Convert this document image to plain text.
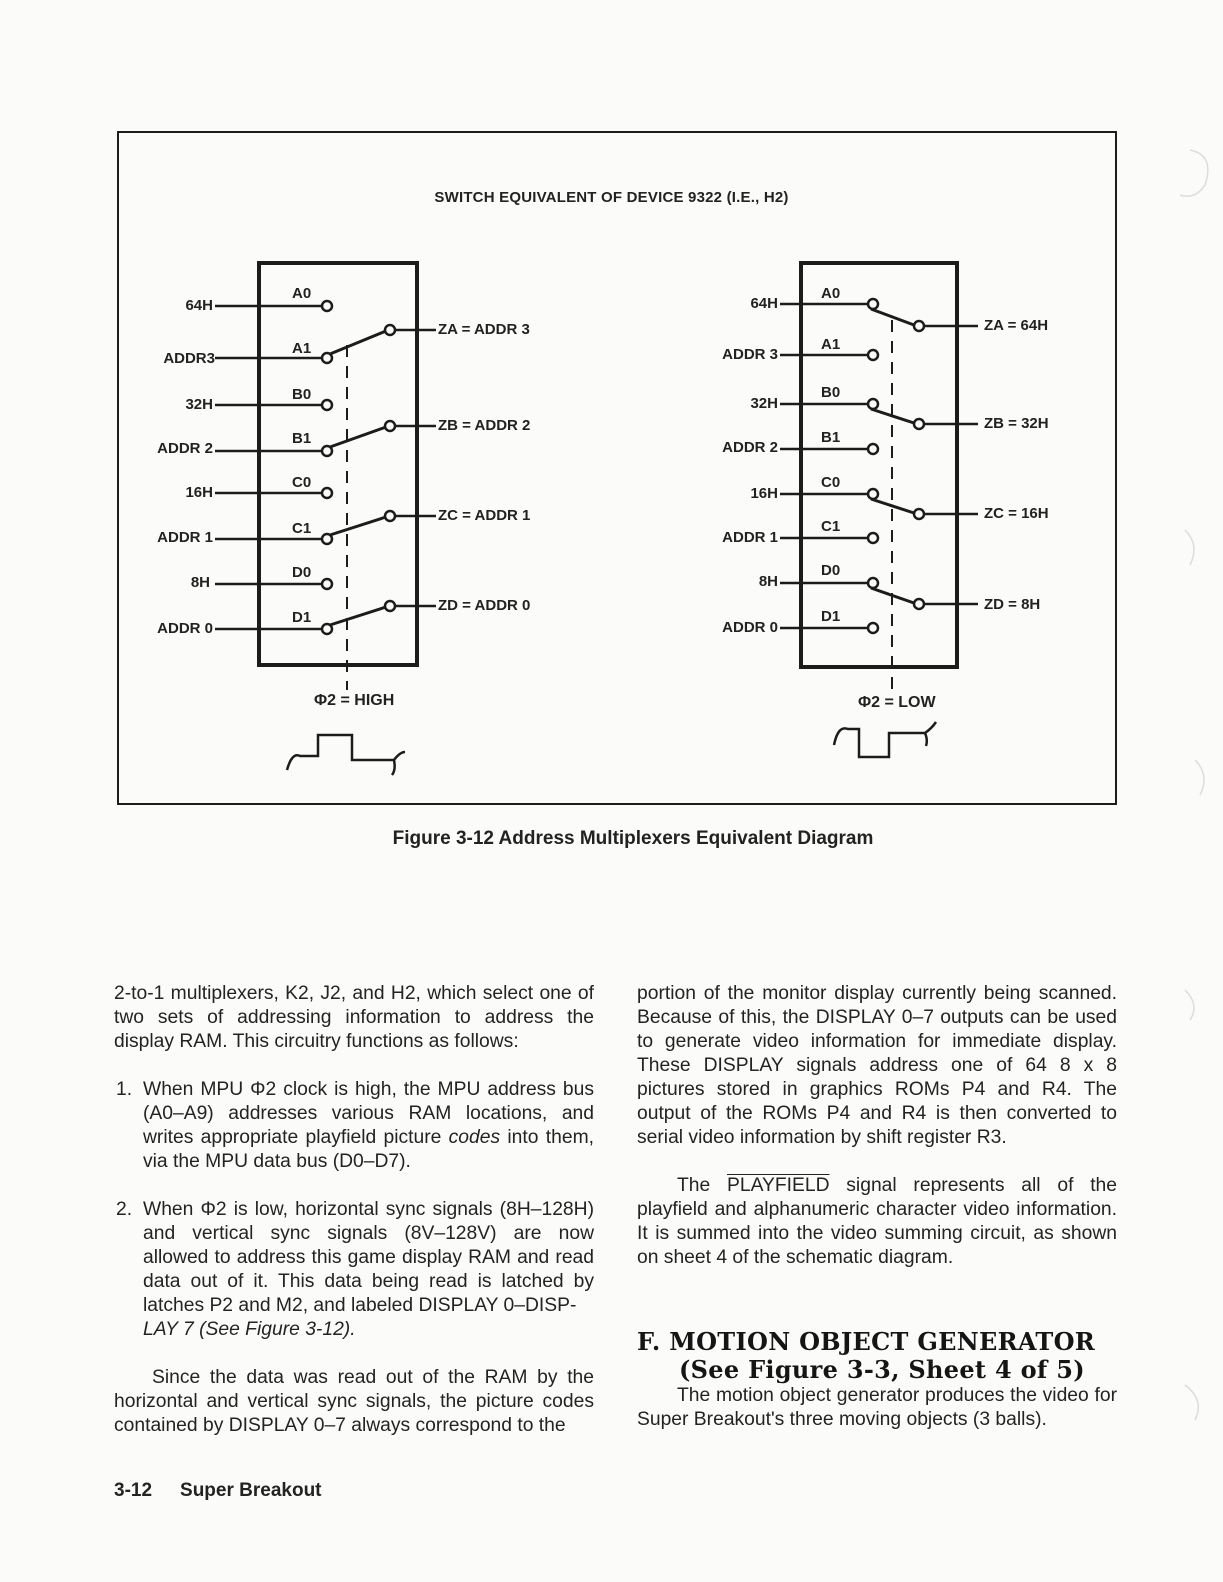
SWITCH EQUIVALENT OF DEVICE 9322 (I.E., H2)
64H
ADDR3
32H
ADDR 2
16H
ADDR 1
8H
ADDR 0
A0
A1
B0
B1
C0
C1
D0
D1
ZA = ADDR 3
ZB = ADDR 2
ZC = ADDR 1
ZD = ADDR 0
Φ2 = HIGH
64H
ADDR 3
32H
ADDR 2
16H
ADDR 1
8H
ADDR 0
A0
A1
B0
B1
C0
C1
D0
D1
ZA = 64H
ZB = 32H
ZC = 16H
ZD = 8H
Φ2 = LOW
Figure 3-12 Address Multiplexers Equivalent Diagram

2-to-1 multiplexers, K2, J2, and H2, which select one of two sets of addressing information to address the display RAM. This circuitry functions as follows:

1. When MPU Φ2 clock is high, the MPU address bus (A0–A9) addresses various RAM locations, and writes appropriate playfield picture codes into them, via the MPU data bus (D0–D7).
2. When Φ2 is low, horizontal sync signals (8H–128H) and vertical sync signals (8V–128V) are now allowed to address this game display RAM and read data out of it. This data being read is latched by latches P2 and M2, and labeled DISPLAY 0–DISP-
LAY 7 (See Figure 3-12).

Since the data was read out of the RAM by the horizontal and vertical sync signals, the picture codes contained by DISPLAY 0–7 always correspond to the

portion of the monitor display currently being scanned. Because of this, the DISPLAY 0–7 outputs can be used to generate video information for immediate display. These DISPLAY signals address one of 64 8 x 8 pictures stored in graphics ROMs P4 and R4. The output of the ROMs P4 and R4 is then converted to serial video information by shift register R3.

The PLAYFIELD signal represents all of the playfield and alphanumeric character video information. It is summed into the video summing circuit, as shown on sheet 4 of the schematic diagram.

F. MOTION OBJECT GENERATOR
(See Figure 3-3, Sheet 4 of 5)

The motion object generator produces the video for Super Breakout's three moving objects (3 balls).

3-12 Super Breakout
